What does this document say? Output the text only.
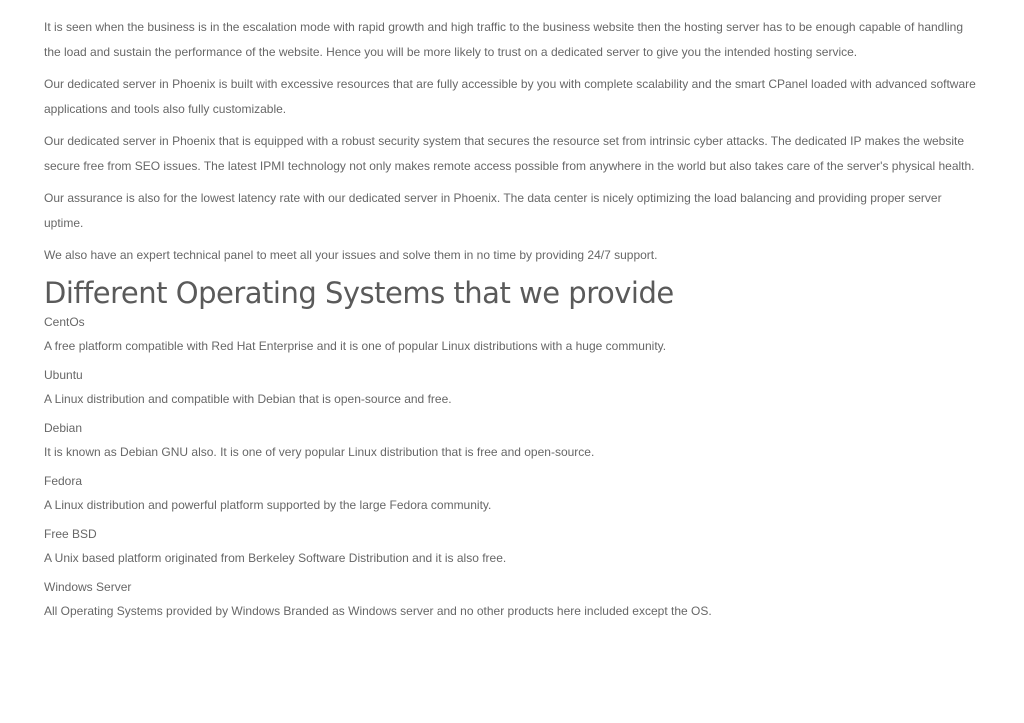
It is seen when the business is in the escalation mode with rapid growth and high traffic to the business website then the hosting server has to be enough capable of handling the load and sustain the performance of the website. Hence you will be more likely to trust on a dedicated server to give you the intended hosting service.

Our dedicated server in Phoenix is built with excessive resources that are fully accessible by you with complete scalability and the smart CPanel loaded with advanced software applications and tools also fully customizable.

Our dedicated server in Phoenix that is equipped with a robust security system that secures the resource set from intrinsic cyber attacks. The dedicated IP makes the website secure free from SEO issues. The latest IPMI technology not only makes remote access possible from anywhere in the world but also takes care of the server's physical health.

Our assurance is also for the lowest latency rate with our dedicated server in Phoenix. The data center is nicely optimizing the load balancing and providing proper server uptime.

We also have an expert technical panel to meet all your issues and solve them in no time by providing 24/7 support.

Different Operating Systems that we provide
CentOs

A free platform compatible with Red Hat Enterprise and it is one of popular Linux distributions with a huge community.

Ubuntu

A Linux distribution and compatible with Debian that is open-source and free.

Debian

It is known as Debian GNU also. It is one of very popular Linux distribution that is free and open-source.

Fedora

A Linux distribution and powerful platform supported by the large Fedora community.

Free BSD

A Unix based platform originated from Berkeley Software Distribution and it is also free.

Windows Server

All Operating Systems provided by Windows Branded as Windows server and no other products here included except the OS.
